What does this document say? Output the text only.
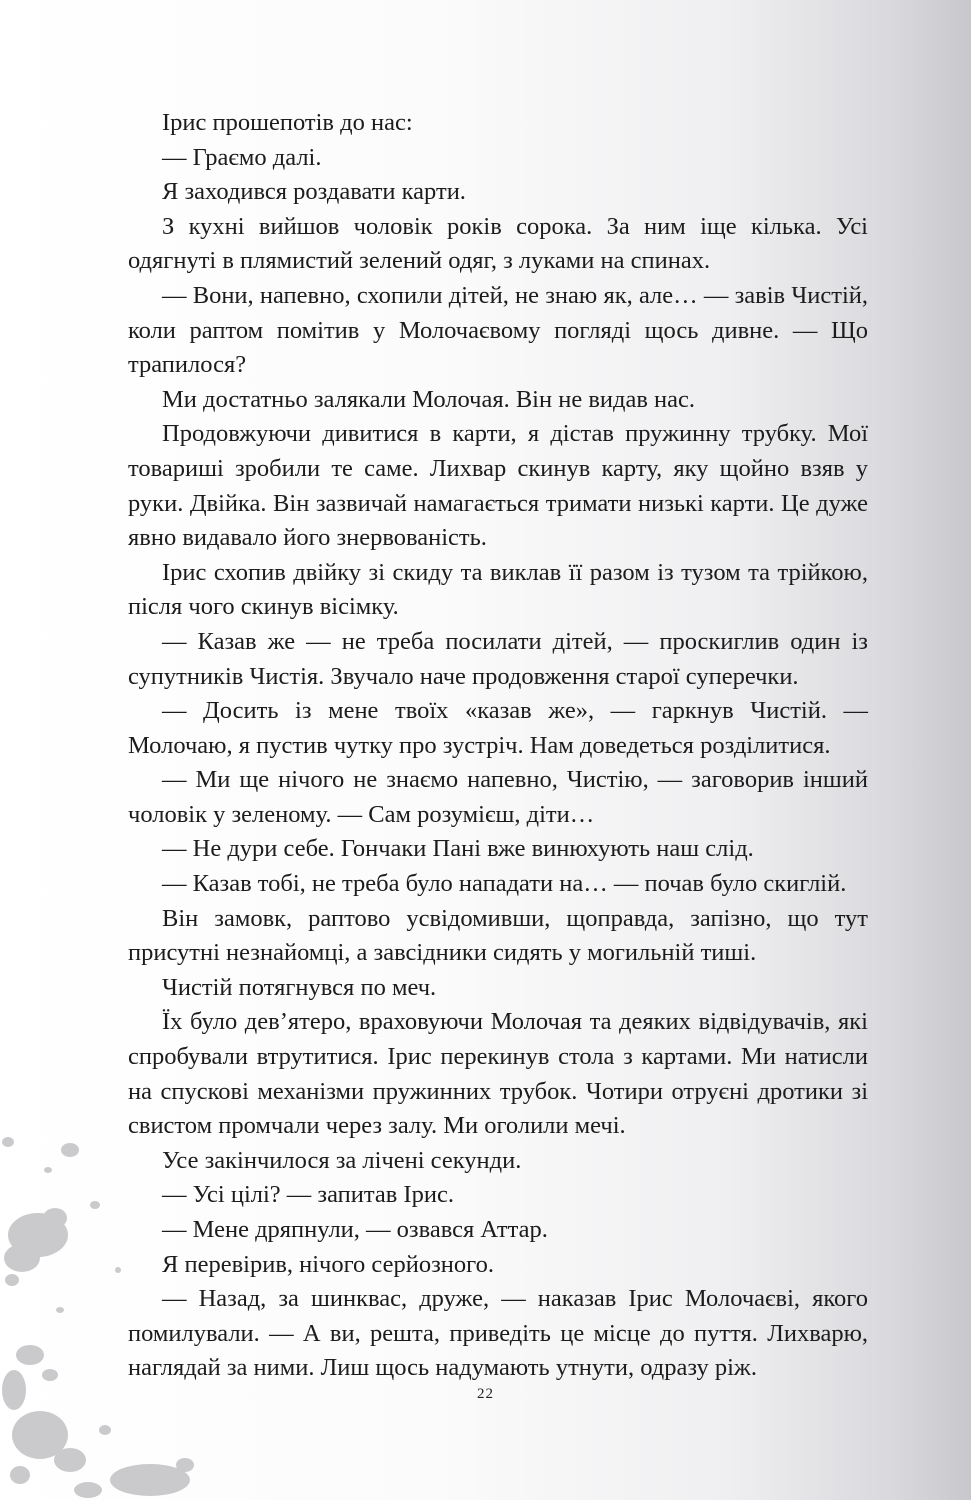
Ірис прошепотів до нас:

— Граємо далі.

Я заходився роздавати карти.

З кухні вийшов чоловік років сорока. За ним іще кілька. Усі одягнуті в плямистий зелений одяг, з луками на спинах.

— Вони, напевно, схопили дітей, не знаю як, але… — завів Чистій, коли раптом помітив у Молочаєвому погляді щось дивне. — Що трапилося?

Ми достатньо залякали Молочая. Він не видав нас.

Продовжуючи дивитися в карти, я дістав пружинну трубку. Мої товариші зробили те саме. Лихвар скинув карту, яку щойно взяв у руки. Двійка. Він зазвичай намагається тримати низькі карти. Це дуже явно видавало його знервованість.

Ірис схопив двійку зі скиду та виклав її разом із тузом та трійкою, після чого скинув вісімку.

— Казав же — не треба посилати дітей, — проскиглив один із супутників Чистія. Звучало наче продовження старої суперечки.

— Досить із мене твоїх «казав же», — гаркнув Чистій. — Молочаю, я пустив чутку про зустріч. Нам доведеться розділитися.

— Ми ще нічого не знаємо напевно, Чистію, — заговорив інший чоловік у зеленому. — Сам розумієш, діти…

— Не дури себе. Гончаки Пані вже винюхують наш слід.

— Казав тобі, не треба було нападати на… — почав було скиглій.

Він замовк, раптово усвідомивши, щоправда, запізно, що тут присутні незнайомці, а завсідники сидять у могильній тиші.

Чистій потягнувся по меч.

Їх було дев’ятеро, враховуючи Молочая та деяких відвідувачів, які спробували втрутитися. Ірис перекинув стола з картами. Ми натисли на спускові механізми пружинних трубок. Чотири отруєні дротики зі свистом промчали через залу. Ми оголили мечі.

Усе закінчилося за лічені секунди.

— Усі цілі? — запитав Ірис.

— Мене дряпнули, — озвався Аттар.

Я перевірив, нічого серйозного.

— Назад, за шинквас, друже, — наказав Ірис Молочаєві, якого помилували. — А ви, решта, приведіть це місце до пуття. Лихварю, наглядай за ними. Лиш щось надумають утнути, одразу ріж.

22
